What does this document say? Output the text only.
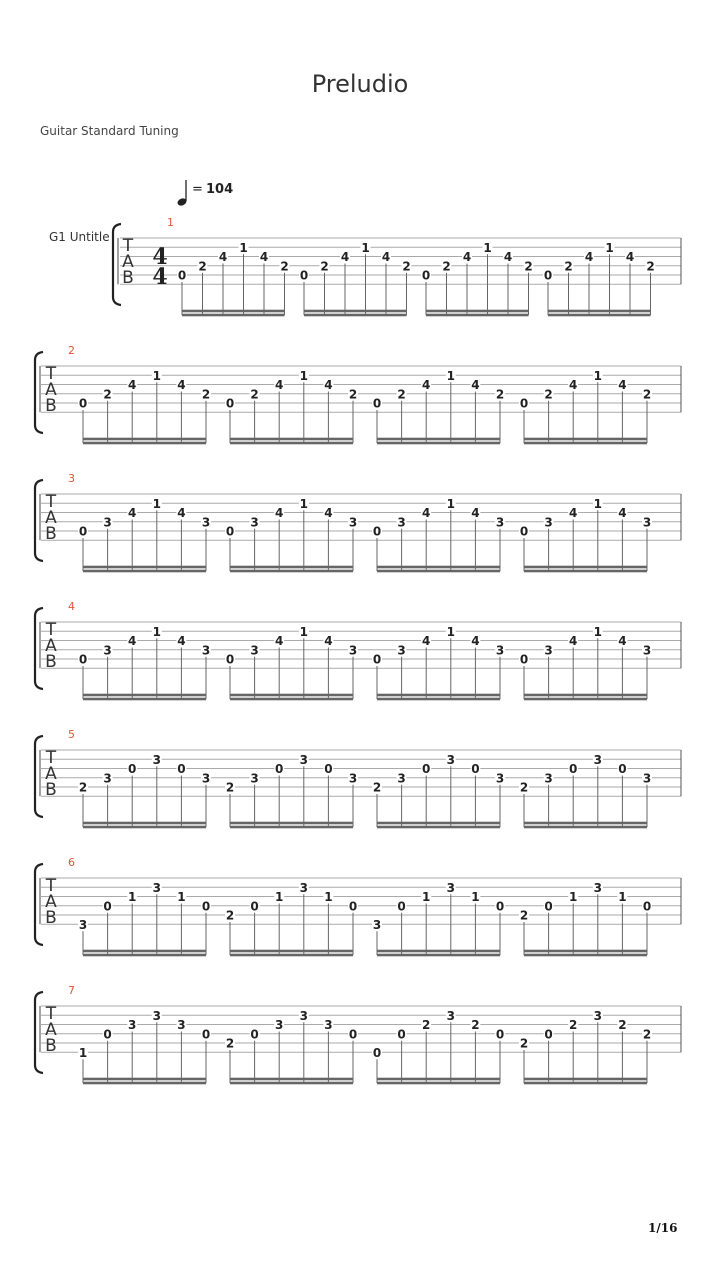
Preludio
Guitar Standard Tuning
= 104
G1 Untitle T
A
B
4
4
1
0
2
4
1
4
2
0
2
4
1
4
2
0
2
4
1
4
2
0
2
4
1
4
2
T
A
B
2
0
2
4
1
4
2
0
2
4
1
4
2
0
2
4
1
4
2
0
2
4
1
4
2
T
A
B
3
0
3
4
1
4
3
0
3
4
1
4
3
0
3
4
1
4
3
0
3
4
1
4
3
T
A
B
4
0
3
4
1
4
3
0
3
4
1
4
3
0
3
4
1
4
3
0
3
4
1
4
3
T
A
B
5
2
3
0
3
0
3
2
3
0
3
0
3
2
3
0
3
0
3
2
3
0
3
0
3
T
A
B
6
3
0
1
3
1
0
2
0
1
3
1
0
3
0
1
3
1
0
2
0
1
3
1
0
T
A
B
7
1
0
3
3
3
0
2
0
3
3
3
0
0
0
2
3
2
0
2
0
2
3
2
2
1/16
